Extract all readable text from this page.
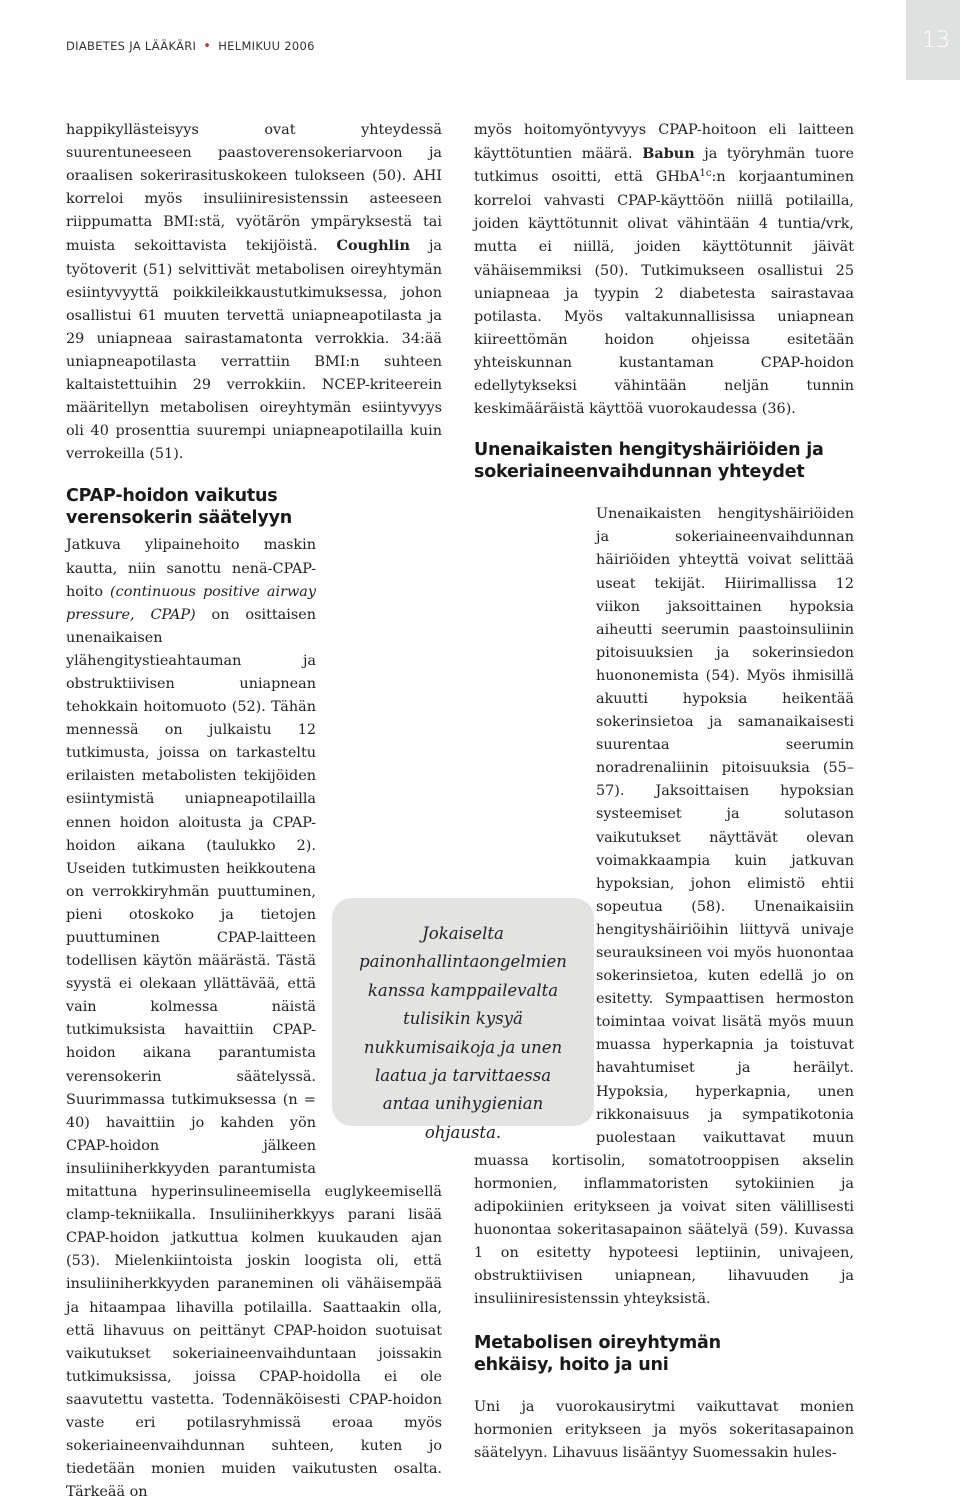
DIABETES JA LÄÄKÄRI • HELMIKUU 2006	13

happikyllästeisyys ovat yhteydessä suurentuneeseen paastoverensokeriarvoon ja oraalisen sokerirasituskokeen tulokseen (50). AHI korreloi myös insuliiniresistenssin asteeseen riippumatta BMI:stä, vyötärön ympäryksestä tai muista sekoittavista tekijöistä. Coughlin ja työtoverit (51) selvittivät metabolisen oireyhtymän esiintyvyyttä poikkileikkaustutkimuksessa, johon osallistui 61 muuten tervettä uniapneapotilasta ja 29 uniapneaa sairastamatonta verrokkia. 34:ää uniapneapotilasta verrattiin BMI:n suhteen kaltaistettuihin 29 verrokkiin. NCEP-kriteerein määritellyn metabolisen oireyhtymän esiintyvyys oli 40 prosenttia suurempi uniapneapotilailla kuin verrokeilla (51).

CPAP-hoidon vaikutus verensokerin säätelyyn

Jatkuva ylipainehoito maskin kautta, niin sanottu nenä-CPAP-hoito (continuous positive airway pressure, CPAP) on osittaisen unenaikaisen ylähengitystieahtauman ja obstruktiivisen uniapnean tehokkain hoitomuoto (52). Tähän mennessä on julkaistu 12 tutkimusta, joissa on tarkasteltu erilaisten metabolisten tekijöiden esiintymistä uniapneapotilailla ennen hoidon aloitusta ja CPAP-hoidon aikana (taulukko 2). Useiden tutkimusten heikkoutena on verrokkiryhmän puuttuminen, pieni otoskoko ja tietojen puuttuminen CPAP-laitteen todellisen käytön määrästä. Tästä syystä ei olekaan yllättävää, että vain kolmessa näistä tutkimuksista havaittiin CPAP-hoidon aikana parantumista verensokerin säätelyssä. Suurimmassa tutkimuksessa (n = 40) havaittiin jo kahden yön CPAP-hoidon jälkeen insuliiniherkkyyden parantumista mitattuna hyperinsulineemisella euglykeemisellä clamp-tekniikalla. Insuliiniherkkyys parani lisää CPAP-hoidon jatkuttua kolmen kuukauden ajan (53). Mielenkiintoista joskin loogista oli, että insuliiniherkkyyden paraneminen oli vähäisempää ja hitaampaa lihavilla potilailla. Saattaakin olla, että lihavuus on peittänyt CPAP-hoidon suotuisat vaikutukset sokeriaineenvaihduntaan joissakin tutkimuksissa, joissa CPAP-hoidolla ei ole saavutettu vastetta. Todennäköisesti CPAP-hoidon vaste eri potilasryhmissä eroaa myös sokeriaineenvaihdunnan suhteen, kuten jo tiedetään monien muiden vaikutusten osalta. Tärkeää on

myös hoitomyöntyvyys CPAP-hoitoon eli laitteen käyttötuntien määrä. Babun ja työryhmän tuore tutkimus osoitti, että GHbA$^{1c}$:n korjaantuminen korreloi vahvasti CPAP-käyttöön niillä potilailla, joiden käyttötunnit olivat vähintään 4 tuntia/vrk, mutta ei niillä, joiden käyttötunnit jäivät vähäisemmiksi (50). Tutkimukseen osallistui 25 uniapneaa ja tyypin 2 diabetesta sairastavaa potilasta. Myös valtakunnallisissa uniapnean kiireettömän hoidon ohjeissa esitetään yhteiskunnan kustantaman CPAP-hoidon edellytykseksi vähintään neljän tunnin keskimääräistä käyttöä vuorokaudessa (36).

Unenaikaisten hengityshäiriöiden ja sokeriaineenvaihdunnan yhteydet

Unenaikaisten hengityshäiriöiden ja sokeriaineenvaihdunnan häiriöiden yhteyttä voivat selittää useat tekijät. Hiirimallissa 12 viikon jaksoittainen hypoksia aiheutti seerumin paastoinsuliinin pitoisuuksien ja sokerinsiedon huononemista (54). Myös ihmisillä akuutti hypoksia heikentää sokerinsietoa ja samanaikaisesti suurentaa seerumin noradrenaliinin pitoisuuksia (55–57). Jaksoittaisen hypoksian systeemiset ja solutason vaikutukset näyttävät olevan voimakkaampia kuin jatkuvan hypoksian, johon elimistö ehtii sopeutua (58). Unenaikaisiin hengityshäiriöihin liittyvä univaje seurauksineen voi myös huonontaa sokerinsietoa, kuten edellä jo on esitetty. Sympaattisen hermoston toimintaa voivat lisätä myös muun muassa hyperkapnia ja toistuvat havahtumiset ja heräilyt. Hypoksia, hyperkapnia, unen rikkonaisuus ja sympatikotonia puolestaan vaikuttavat muun muassa kortisolin, somatotrooppisen akselin hormonien, inflammatoristen sytokiinien ja adipokiinien eritykseen ja voivat siten välillisesti huonontaa sokeritasapainon säätelyä (59). Kuvassa 1 on esitetty hypoteesi leptiinin, univajeen, obstruktiivisen uniapnean, lihavuuden ja insuliiniresistenssin yhteyksistä.

Metabolisen oireyhtymän ehkäisy, hoito ja uni

Uni ja vuorokausirytmi vaikuttavat monien hormonien eritykseen ja myös sokeritasapainon säätelyyn. Lihavuus lisääntyy Suomessakin hules-

Jokaiselta painonhallintaongelmien kanssa kamppailevalta tulisikin kysyä nukkumisaikoja ja unen laatua ja tarvittaessa antaa unihygienian ohjausta.
